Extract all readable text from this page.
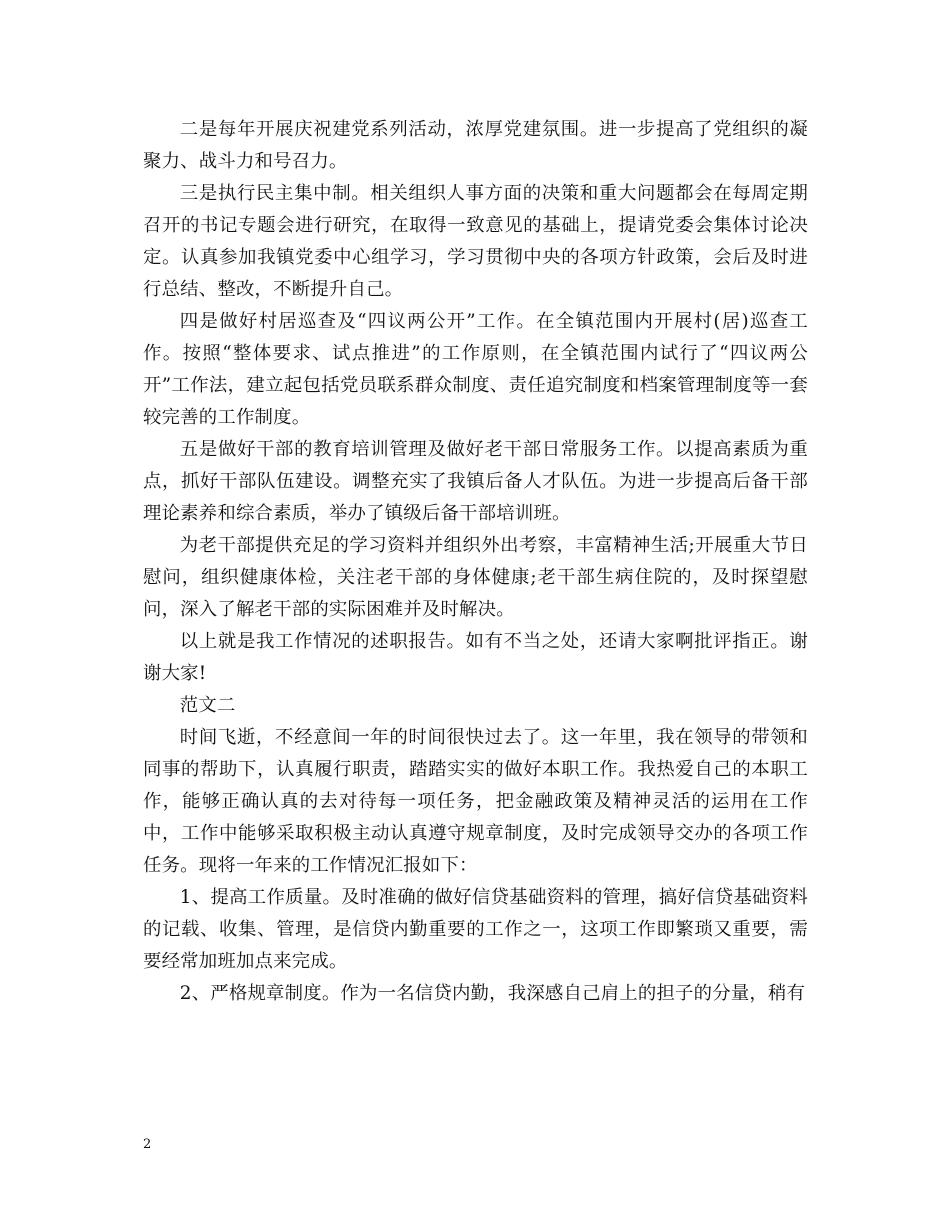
二是每年开展庆祝建党系列活动，浓厚党建氛围。进一步提高了党组织的凝聚力、战斗力和号召力。

三是执行民主集中制。相关组织人事方面的决策和重大问题都会在每周定期召开的书记专题会进行研究，在取得一致意见的基础上，提请党委会集体讨论决定。认真参加我镇党委中心组学习，学习贯彻中央的各项方针政策，会后及时进行总结、整改，不断提升自己。

四是做好村居巡查及“四议两公开”工作。在全镇范围内开展村(居)巡查工作。按照“整体要求、试点推进”的工作原则，在全镇范围内试行了“四议两公开”工作法，建立起包括党员联系群众制度、责任追究制度和档案管理制度等一套较完善的工作制度。

五是做好干部的教育培训管理及做好老干部日常服务工作。以提高素质为重点，抓好干部队伍建设。调整充实了我镇后备人才队伍。为进一步提高后备干部理论素养和综合素质，举办了镇级后备干部培训班。

为老干部提供充足的学习资料并组织外出考察，丰富精神生活;开展重大节日慰问，组织健康体检，关注老干部的身体健康;老干部生病住院的，及时探望慰问，深入了解老干部的实际困难并及时解决。

以上就是我工作情况的述职报告。如有不当之处，还请大家啊批评指正。谢谢大家!

范文二

时间飞逝，不经意间一年的时间很快过去了。这一年里，我在领导的带领和同事的帮助下，认真履行职责，踏踏实实的做好本职工作。我热爱自己的本职工作，能够正确认真的去对待每一项任务，把金融政策及精神灵活的运用在工作中，工作中能够采取积极主动认真遵守规章制度，及时完成领导交办的各项工作任务。现将一年来的工作情况汇报如下：

1、提高工作质量。及时准确的做好信贷基础资料的管理，搞好信贷基础资料的记载、收集、管理，是信贷内勤重要的工作之一，这项工作即繁琐又重要，需要经常加班加点来完成。

2、严格规章制度。作为一名信贷内勤，我深感自己肩上的担子的分量，稍有

2
